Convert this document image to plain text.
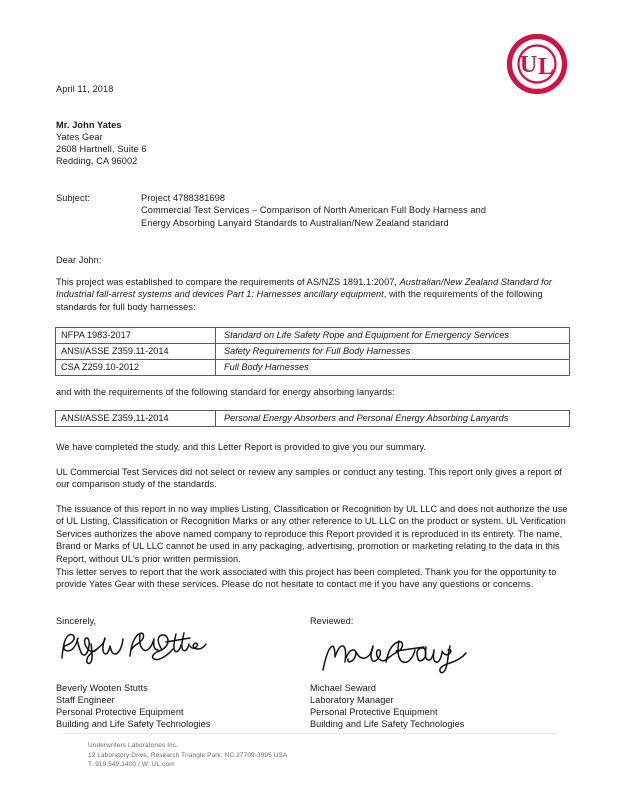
U L
April 11, 2018
Mr. John Yates
Yates Gear
2608 Hartnell, Suite 6
Redding, CA 96002
Subject:	Project 4788381698
Commercial Test Services – Comparison of North American Full Body Harness and
Energy Absorbing Lanyard Standards to Australian/New Zealand standard
Dear John:
This project was established to compare the requirements of AS/NZS 1891.1:2007, Australian/New Zealand Standard for Industrial fall-arrest systems and devices Part 1: Harnesses ancillary equipment, with the requirements of the following standards for full body harnesses:
NFPA 1983-2017	Standard on Life Safety Rope and Equipment for Emergency Services
ANSI/ASSE Z359.11-2014	Safety Requirements for Full Body Harnesses
CSA Z259.10-2012	Full Body Harnesses
and with the requirements of the following standard for energy absorbing lanyards:
ANSI/ASSE Z359.11-2014	Personal Energy Absorbers and Personal Energy Absorbing Lanyards
We have completed the study, and this Letter Report is provided to give you our summary.
UL Commercial Test Services did not select or review any samples or conduct any testing. This report only gives a report of our comparison study of the standards.
The issuance of this report in no way implies Listing, Classification or Recognition by UL LLC and does not authorize the use of UL Listing, Classification or Recognition Marks or any other reference to UL LLC on the product or system. UL Verification Services authorizes the above named company to reproduce this Report provided it is reproduced in its entirety. The name, Brand or Marks of UL LLC cannot be used in any packaging, advertising, promotion or marketing relating to the data in this Report, without UL's prior written permission.
This letter serves to report that the work associated with this project has been completed. Thank you for the opportunity to provide Yates Gear with these services. Please do not hesitate to contact me if you have any questions or concerns.
Sincerely,	Reviewed:
Beverly Wooten Stutts
Staff Engineer
Personal Protective Equipment
Building and Life Safety Technologies
Michael Seward
Laboratory Manager
Personal Protective Equipment
Building and Life Safety Technologies
Underwriters Laboratories Inc.
12 Laboratory Drive, Research Triangle Park, NC 27709-3995 USA
T: 919.549.1400 / W: UL.com
